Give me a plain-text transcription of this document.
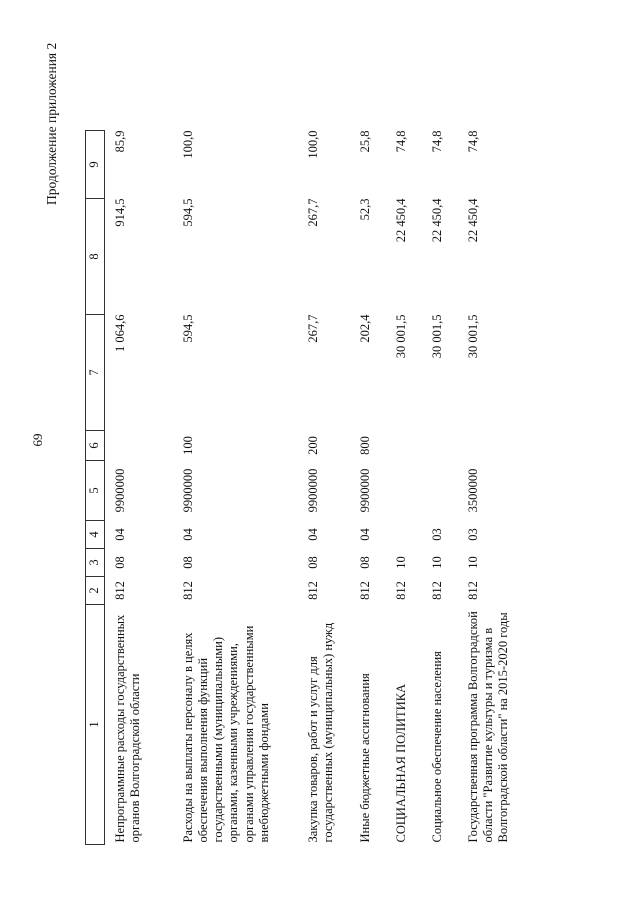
69
Продолжение приложения 2
1	2	3	4	5	6	7	8	9
Непрограммные расходы государственных органов Волгоградской области	812	08	04	9900000		1 064,6	914,5	85,9
Расходы на выплаты персоналу в целях обеспечения выполнения функций государственными (муниципальными) органами, казенными учреждениями, органами управления государственными внебюджетными фондами	812	08	04	9900000	100	594,5	594,5	100,0
Закупка товаров, работ и услуг для государственных (муниципальных) нужд	812	08	04	9900000	200	267,7	267,7	100,0
Иные бюджетные ассигнования	812	08	04	9900000	800	202,4	52,3	25,8
СОЦИАЛЬНАЯ ПОЛИТИКА	812	10				30 001,5	22 450,4	74,8
Социальное обеспечение населения	812	10	03			30 001,5	22 450,4	74,8
Государственная программа Волгоградской области "Развитие культуры и туризма в Волгоградской области" на 2015-2020 годы	812	10	03	3500000		30 001,5	22 450,4	74,8
